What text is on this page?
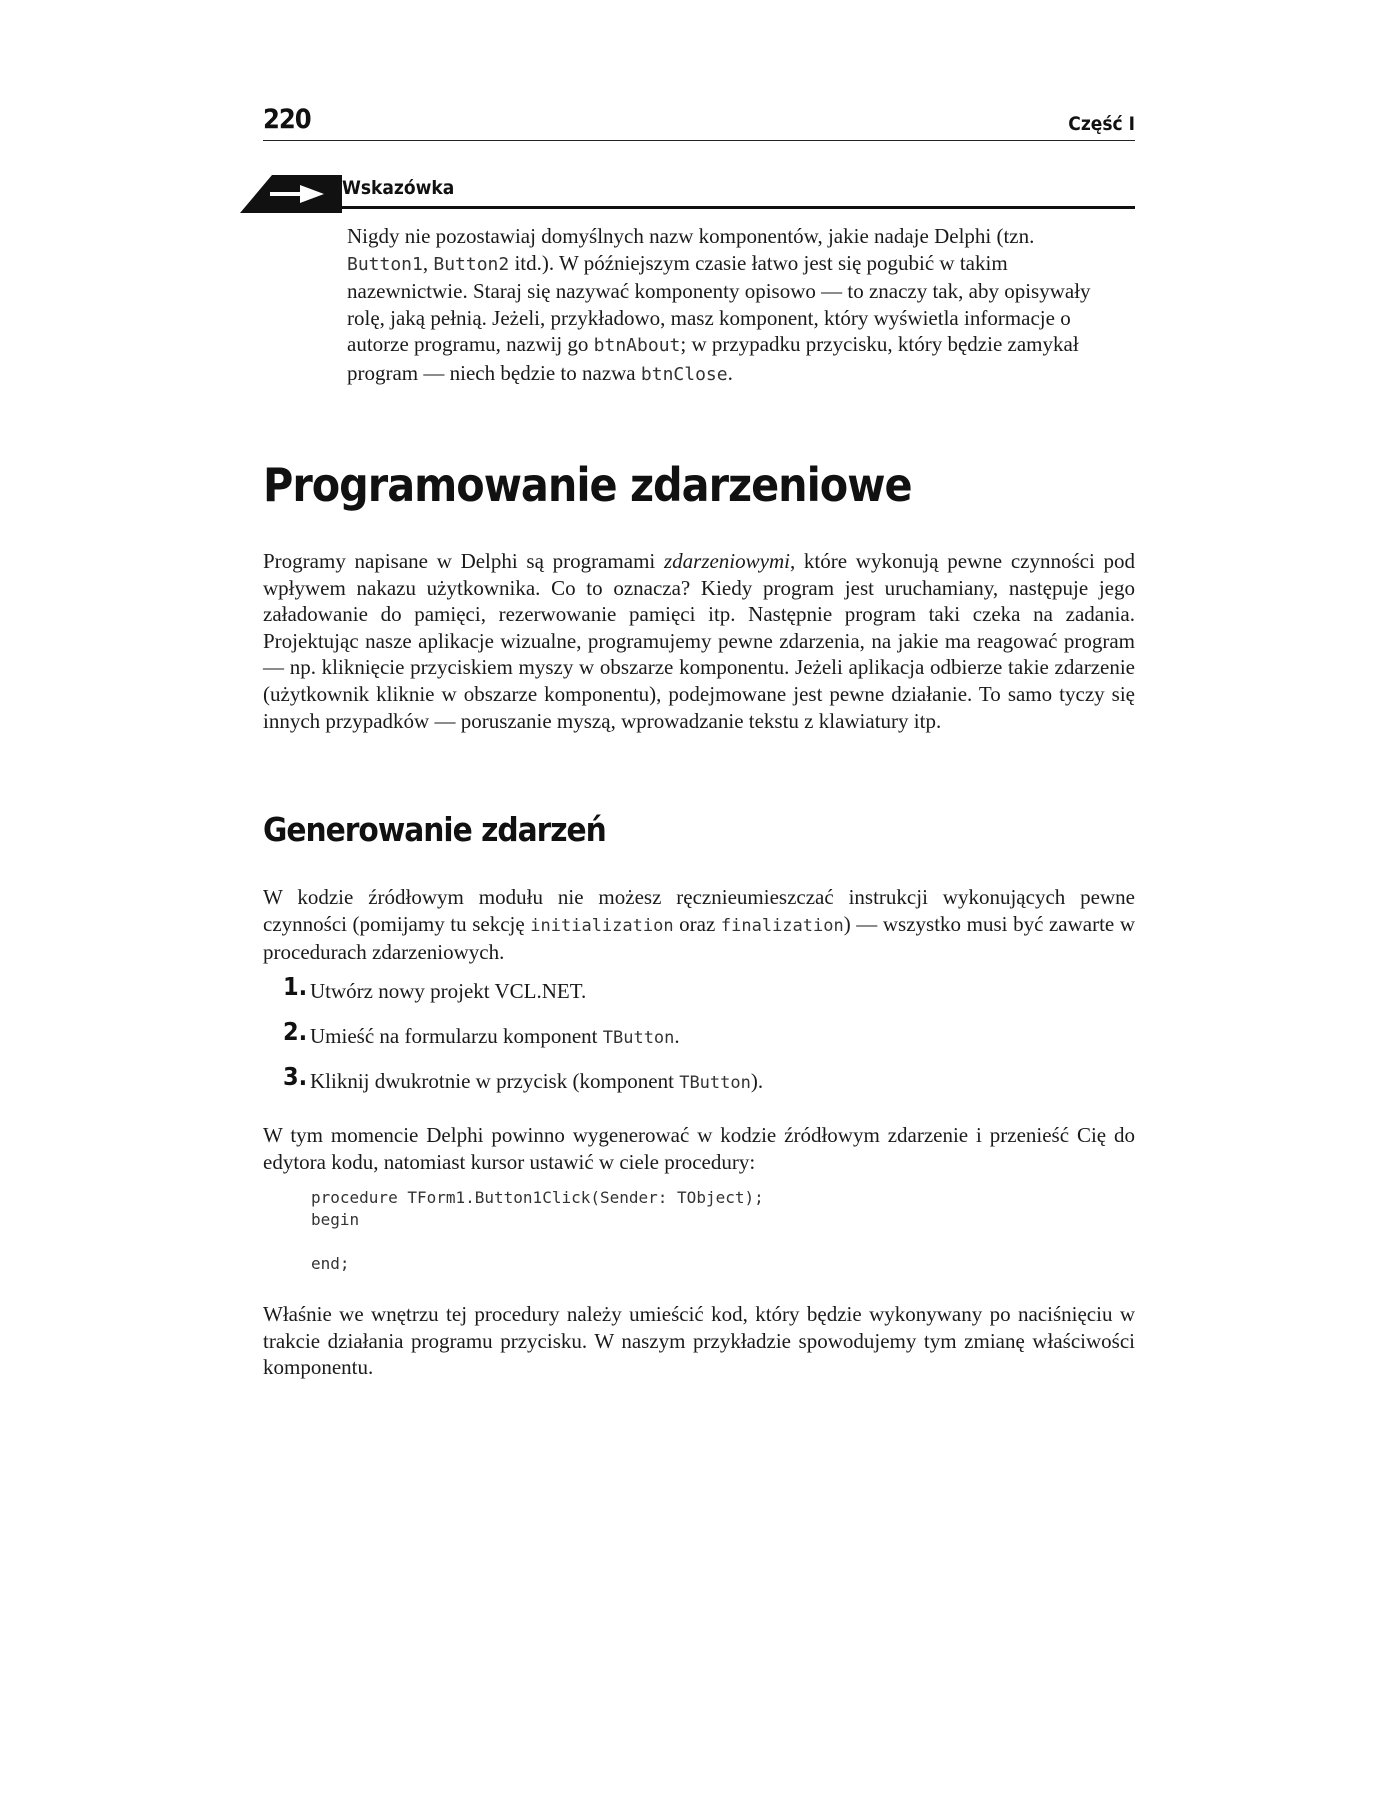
220	Część I
Wskazówka

Nigdy nie pozostawiaj domyślnych nazw komponentów, jakie nadaje Delphi (tzn. Button1, Button2 itd.). W późniejszym czasie łatwo jest się pogubić w takim nazewnictwie. Staraj się nazywać komponenty opisowo — to znaczy tak, aby opisywały rolę, jaką pełnią. Jeżeli, przykładowo, masz komponent, który wyświetla informacje o autorze programu, nazwij go btnAbout; w przypadku przycisku, który będzie zamykał program — niech będzie to nazwa btnClose.

Programowanie zdarzeniowe

Programy napisane w Delphi są programami zdarzeniowymi, które wykonują pewne czynności pod wpływem nakazu użytkownika. Co to oznacza? Kiedy program jest uruchamiany, następuje jego załadowanie do pamięci, rezerwowanie pamięci itp. Następnie program taki czeka na zadania. Projektując nasze aplikacje wizualne, programujemy pewne zdarzenia, na jakie ma reagować program — np. kliknięcie przyciskiem myszy w obszarze komponentu. Jeżeli aplikacja odbierze takie zdarzenie (użytkownik kliknie w obszarze komponentu), podejmowane jest pewne działanie. To samo tyczy się innych przypadków — poruszanie myszą, wprowadzanie tekstu z klawiatury itp.

Generowanie zdarzeń

W kodzie źródłowym modułu nie możesz ręcznieumieszczać instrukcji wykonujących pewne czynności (pomijamy tu sekcję initialization oraz finalization) — wszystko musi być zawarte w procedurach zdarzeniowych.

1. Utwórz nowy projekt VCL.NET.
2. Umieść na formularzu komponent TButton.
3. Kliknij dwukrotnie w przycisk (komponent TButton).

W tym momencie Delphi powinno wygenerować w kodzie źródłowym zdarzenie i przenieść Cię do edytora kodu, natomiast kursor ustawić w ciele procedury:

procedure TForm1.Button1Click(Sender: TObject);
begin
end;

Właśnie we wnętrzu tej procedury należy umieścić kod, który będzie wykonywany po naciśnięciu w trakcie działania programu przycisku. W naszym przykładzie spowodujemy tym zmianę właściwości komponentu.
